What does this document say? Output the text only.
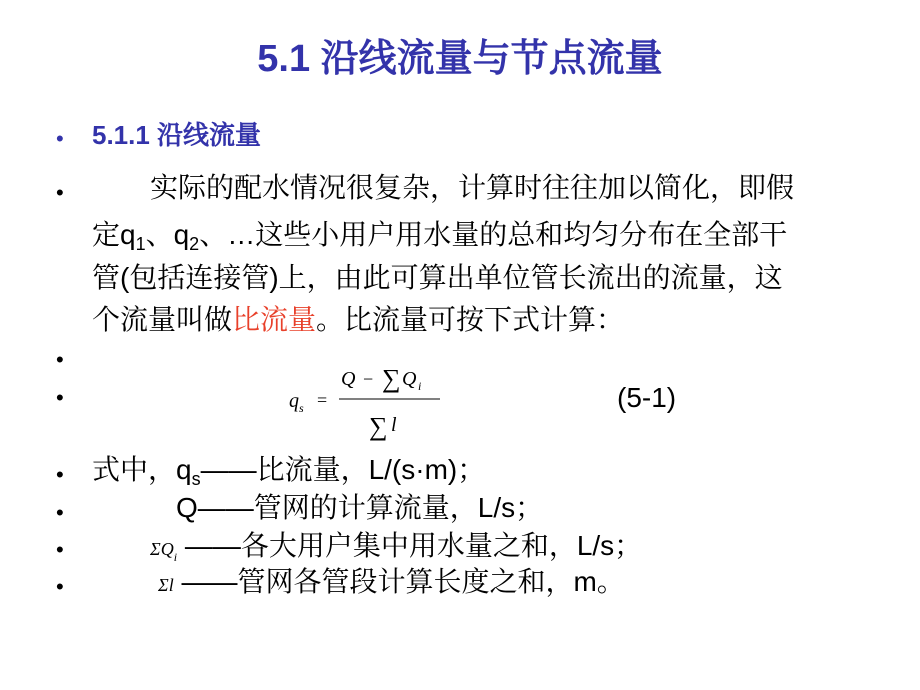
5.1 沿线流量与节点流量
• 5.1.1 沿线流量
•	实际的配水情况很复杂，计算时往往加以简化，即假
定$q_1$、$q_2$、…这些小用户用水量的总和均匀分布在全部干
管(包括连接管)上，由此可算出单位管长流出的流量，这
个流量叫做比流量。比流量可按下式计算：
•
•	q s =
Q − ∑ Q i
∑ l
(5-1)
• 式中，$q_s——$比流量，L/(s·m)；
•	Q——管网的计算流量，L/s；
•	$\Sigma Q_i$ ——各大用户集中用水量之和，L/s；
•	Σl ——管网各管段计算长度之和，m。
